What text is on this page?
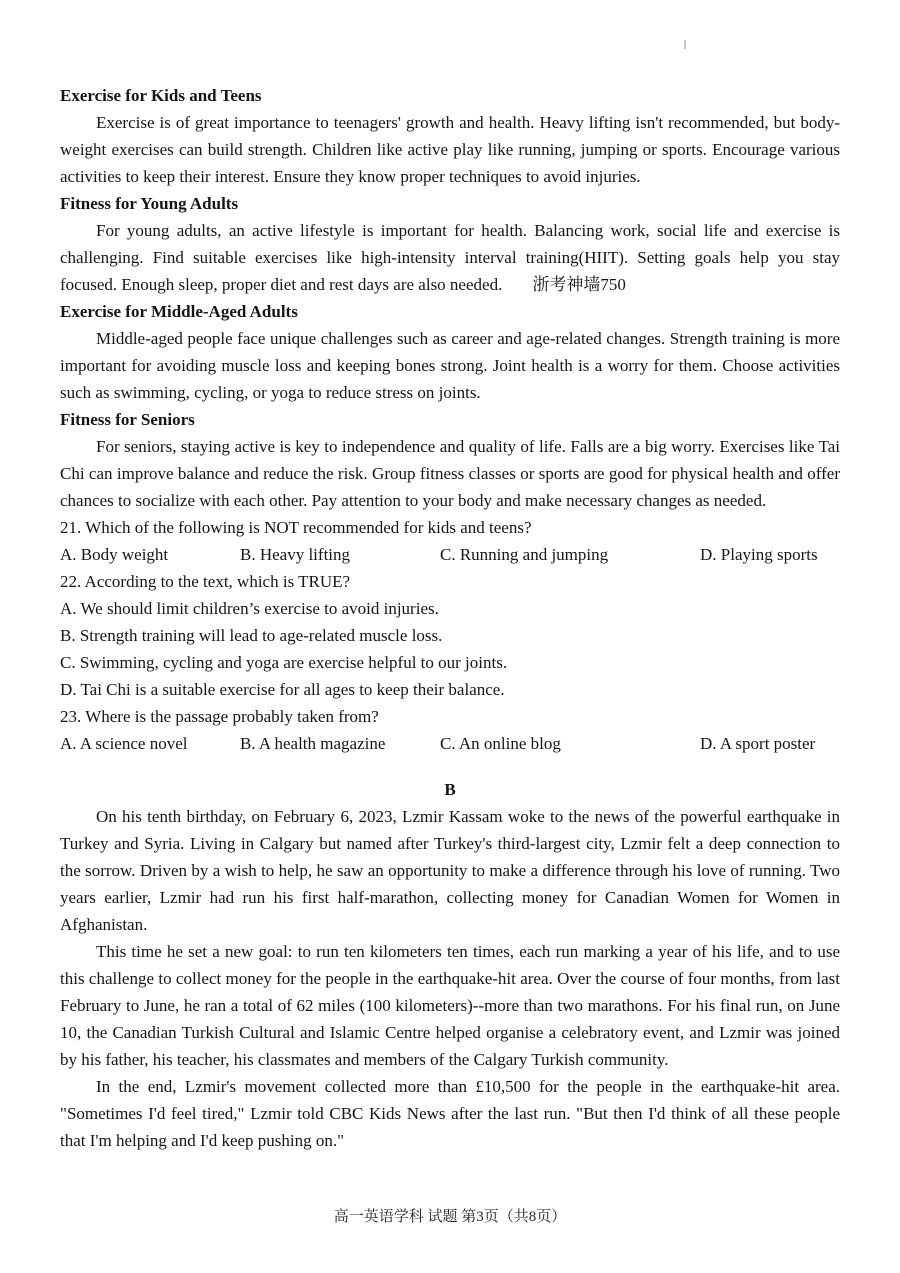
Exercise for Kids and Teens

Exercise is of great importance to teenagers' growth and health. Heavy lifting isn't recommended, but body-weight exercises can build strength. Children like active play like running, jumping or sports. Encourage various activities to keep their interest. Ensure they know proper techniques to avoid injuries.

Fitness for Young Adults

For young adults, an active lifestyle is important for health. Balancing work, social life and exercise is challenging. Find suitable exercises like high-intensity interval training(HIIT). Setting goals help you stay focused. Enough sleep, proper diet and rest days are also needed. 浙考神墙750

Exercise for Middle-Aged Adults

Middle-aged people face unique challenges such as career and age-related changes. Strength training is more important for avoiding muscle loss and keeping bones strong. Joint health is a worry for them. Choose activities such as swimming, cycling, or yoga to reduce stress on joints.

Fitness for Seniors

For seniors, staying active is key to independence and quality of life. Falls are a big worry. Exercises like Tai Chi can improve balance and reduce the risk. Group fitness classes or sports are good for physical health and offer chances to socialize with each other. Pay attention to your body and make necessary changes as needed.

21. Which of the following is NOT recommended for kids and teens?
A. Body weight	B. Heavy lifting	C. Running and jumping	D. Playing sports
22. According to the text, which is TRUE?
A. We should limit children’s exercise to avoid injuries.
B. Strength training will lead to age-related muscle loss.
C. Swimming, cycling and yoga are exercise helpful to our joints.
D. Tai Chi is a suitable exercise for all ages to keep their balance.
23. Where is the passage probably taken from?
A. A science novel	B. A health magazine	C. An online blog	D. A sport poster
B

On his tenth birthday, on February 6, 2023, Lzmir Kassam woke to the news of the powerful earthquake in Turkey and Syria. Living in Calgary but named after Turkey's third-largest city, Lzmir felt a deep connection to the sorrow. Driven by a wish to help, he saw an opportunity to make a difference through his love of running. Two years earlier, Lzmir had run his first half-marathon, collecting money for Canadian Women for Women in Afghanistan.

This time he set a new goal: to run ten kilometers ten times, each run marking a year of his life, and to use this challenge to collect money for the people in the earthquake-hit area. Over the course of four months, from last February to June, he ran a total of 62 miles (100 kilometers)--more than two marathons. For his final run, on June 10, the Canadian Turkish Cultural and Islamic Centre helped organise a celebratory event, and Lzmir was joined by his father, his teacher, his classmates and members of the Calgary Turkish community.

In the end, Lzmir's movement collected more than £10,500 for the people in the earthquake-hit area. "Sometimes I'd feel tired," Lzmir told CBC Kids News after the last run. "But then I'd think of all these people that I'm helping and I'd keep pushing on."

高一英语学科 试题 第3页（共8页）
